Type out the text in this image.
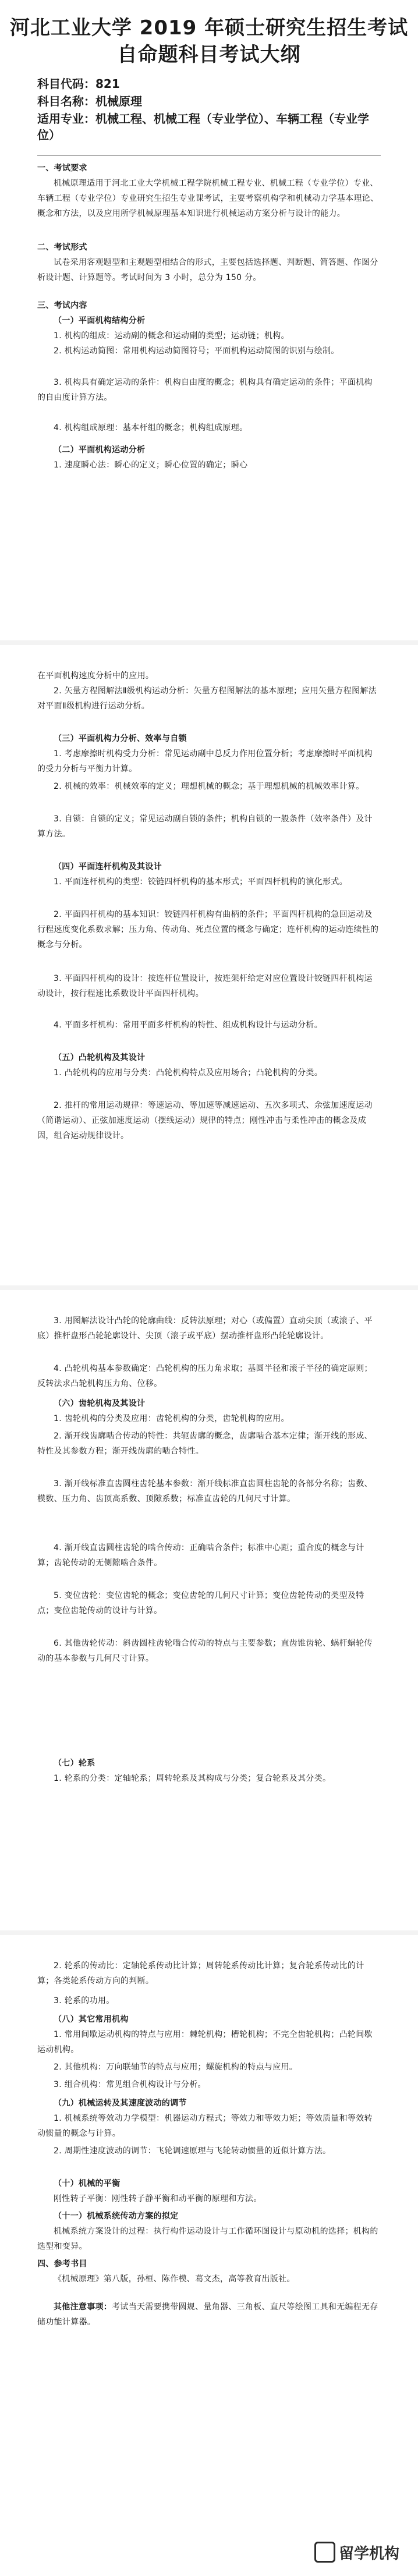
河北工业大学 2019 年硕士研究生招生考试
自命题科目考试大纲
科目代码：821
科目名称：机械原理
适用专业：机械工程、机械工程（专业学位）、车辆工程（专业学位）
一、考试要求
机械原理适用于河北工业大学机械工程学院机械工程专业、机械工程（专业学位）专业、车辆工程（专业学位）专业研究生招生专业课考试，主要考察机构学和机械动力学基本理论、概念和方法，以及应用所学机械原理基本知识进行机械运动方案分析与设计的能力。
二、考试形式
试卷采用客观题型和主观题型相结合的形式，主要包括选择题、判断题、简答题、作图分析设计题、计算题等。考试时间为 3 小时，总分为 150 分。
三、考试内容
（一）平面机构结构分析
1. 机构的组成：运动副的概念和运动副的类型；运动链；机构。
2. 机构运动简图：常用机构运动简图符号；平面机构运动简图的识别与绘制。
3. 机构具有确定运动的条件：机构自由度的概念；机构具有确定运动的条件；平面机构的自由度计算方法。
4. 机构组成原理：基本杆组的概念；机构组成原理。
（二）平面机构运动分析
1. 速度瞬心法：瞬心的定义；瞬心位置的确定；瞬心
在平面机构速度分析中的应用。
2. 矢量方程图解法Ⅱ级机构运动分析：矢量方程图解法的基本原理；应用矢量方程图解法对平面Ⅱ级机构进行运动分析。
（三）平面机构力分析、效率与自锁
1. 考虑摩擦时机构受力分析：常见运动副中总反力作用位置分析；考虑摩擦时平面机构的受力分析与平衡力计算。
2. 机械的效率：机械效率的定义；理想机械的概念；基于理想机械的机械效率计算。
3. 自锁：自锁的定义；常见运动副自锁的条件；机构自锁的一般条件（效率条件）及计算方法。
（四）平面连杆机构及其设计
1. 平面连杆机构的类型：铰链四杆机构的基本形式；平面四杆机构的演化形式。
2. 平面四杆机构的基本知识：铰链四杆机构有曲柄的条件；平面四杆机构的急回运动及行程速度变化系数求解；压力角、传动角、死点位置的概念与确定；连杆机构的运动连续性的概念与分析。
3. 平面四杆机构的设计：按连杆位置设计，按连架杆给定对应位置设计铰链四杆机构运动设计，按行程速比系数设计平面四杆机构。
4. 平面多杆机构：常用平面多杆机构的特性、组成机构设计与运动分析。
（五）凸轮机构及其设计
1. 凸轮机构的应用与分类：凸轮机构特点及应用场合；凸轮机构的分类。
2. 推杆的常用运动规律：等速运动、等加速等减速运动、五次多项式、余弦加速度运动（简谐运动）、正弦加速度运动（摆线运动）规律的特点；刚性冲击与柔性冲击的概念及成因，组合运动规律设计。
3. 用图解法设计凸轮的轮廓曲线：反转法原理；对心（或偏置）直动尖顶（或滚子、平底）推杆盘形凸轮轮廓设计、尖顶（滚子或平底）摆动推杆盘形凸轮轮廓设计。
4. 凸轮机构基本参数确定：凸轮机构的压力角求取；基圆半径和滚子半径的确定原则；反转法求凸轮机构压力角、位移。
（六）齿轮机构及其设计
1. 齿轮机构的分类及应用：齿轮机构的分类，齿轮机构的应用。
2. 渐开线齿廓啮合传动的特性：共轭齿廓的概念，齿廓啮合基本定律；渐开线的形成、特性及其参数方程；渐开线齿廓的啮合特性。
3. 渐开线标准直齿圆柱齿轮基本参数：渐开线标准直齿圆柱齿轮的各部分名称；齿数、模数、压力角、齿顶高系数、顶隙系数；标准直齿轮的几何尺寸计算。
4. 渐开线直齿圆柱齿轮的啮合传动：正确啮合条件；标准中心距；重合度的概念与计算；齿轮传动的无侧隙啮合条件。
5. 变位齿轮：变位齿轮的概念；变位齿轮的几何尺寸计算；变位齿轮传动的类型及特点；变位齿轮传动的设计与计算。
6. 其他齿轮传动：斜齿圆柱齿轮啮合传动的特点与主要参数；直齿锥齿轮、蜗杆蜗轮传动的基本参数与几何尺寸计算。
（七）轮系
1. 轮系的分类：定轴轮系；周转轮系及其构成与分类；复合轮系及其分类。
2. 轮系的传动比：定轴轮系传动比计算；周转轮系传动比计算；复合轮系传动比的计算；各类轮系传动方向的判断。
3. 轮系的功用。
（八）其它常用机构
1. 常用间歇运动机构的特点与应用：棘轮机构；槽轮机构；不完全齿轮机构；凸轮间歇运动机构。
2. 其他机构：万向联轴节的特点与应用；螺旋机构的特点与应用。
3. 组合机构：常见组合机构设计与分析。
（九）机械运转及其速度波动的调节
1. 机械系统等效动力学模型：机器运动方程式；等效力和等效力矩；等效质量和等效转动惯量的概念与计算。
2. 周期性速度波动的调节：飞轮调速原理与飞轮转动惯量的近似计算方法。
（十）机械的平衡
刚性转子平衡：刚性转子静平衡和动平衡的原理和方法。
（十一）机械系统传动方案的拟定
机械系统方案设计的过程：执行构件运动设计与工作循环图设计与原动机的选择；机构的选型和变异。
四、参考书目
《机械原理》第八版，孙桓、陈作模、葛文杰，高等教育出版社。
其他注意事项：考试当天需要携带圆规、量角器、三角板、直尺等绘图工具和无编程无存储功能计算器。
留学机构
